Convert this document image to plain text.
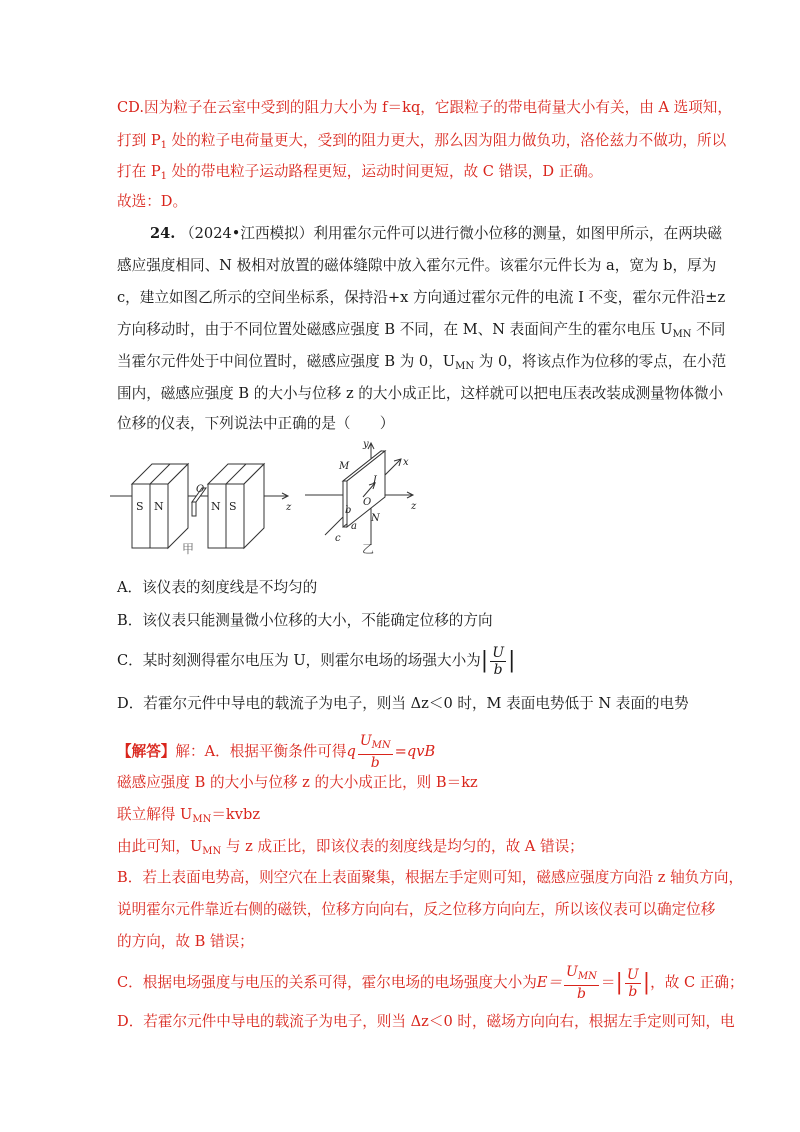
CD.因为粒子在云室中受到的阻力大小为 f＝kq，它跟粒子的带电荷量大小有关，由 A 选项知，
打到 $P_1$ 处的粒子电荷量更大，受到的阻力更大，那么因为阻力做负功，洛伦兹力不做功，所以
打在 $P_1$ 处的带电粒子运动路程更短，运动时间更短，故 C 错误，D 正确。
故选：D。
24. （2024•江西模拟）利用霍尔元件可以进行微小位移的测量，如图甲所示，在两块磁
感应强度相同、N 极相对放置的磁体缝隙中放入霍尔元件。该霍尔元件长为 a，宽为 b，厚为
c，建立如图乙所示的空间坐标系，保持沿+x 方向通过霍尔元件的电流 I 不变，霍尔元件沿±z
方向移动时，由于不同位置处磁感应强度 B 不同，在 M、N 表面间产生的霍尔电压 $U_{MN}$ 不同
当霍尔元件处于中间位置时，磁感应强度 B 为 0，$U_{MN}$ 为 0，将该点作为位移的零点，在小范
围内，磁感应强度 B 的大小与位移 z 的大小成正比，这样就可以把电压表改装成测量物体微小
位移的仪表，下列说法中正确的是（　　）
S N
O
N S	z
甲
y
x
M
I
O	z
b
N
a
c
乙
A．该仪表的刻度线是不均匀的
B．该仪表只能测量微小位移的大小，不能确定位移的方向
C．某时刻测得霍尔电压为 U，则霍尔电场的场强大小为| $\frac{U}{b}$ |
D．若霍尔元件中导电的载流子为电子，则当 Δz＜0 时，M 表面电势低于 N 表面的电势
【解答】解：A．根据平衡条件可得q $\frac{U_{MN}}{b} =qvB$
磁感应强度 B 的大小与位移 z 的大小成正比，则 B＝kz
联立解得 $U_{MN}=kvbz$
由此可知，$U_{MN}$ 与 z 成正比，即该仪表的刻度线是均匀的，故 A 错误；
B．若上表面电势高，则空穴在上表面聚集，根据左手定则可知，磁感应强度方向沿 z 轴负方向，
说明霍尔元件靠近右侧的磁铁，位移方向向右，反之位移方向向左，所以该仪表可以确定位移
的方向，故 B 错误；
C．根据电场强度与电压的关系可得，霍尔电场的电场强度大小为$E= \frac{U_{MN}}{b}$ ＝| $\frac{U}{b}$ |，故 C 正确；
D．若霍尔元件中导电的载流子为电子，则当 Δz＜0 时，磁场方向向右，根据左手定则可知，电
